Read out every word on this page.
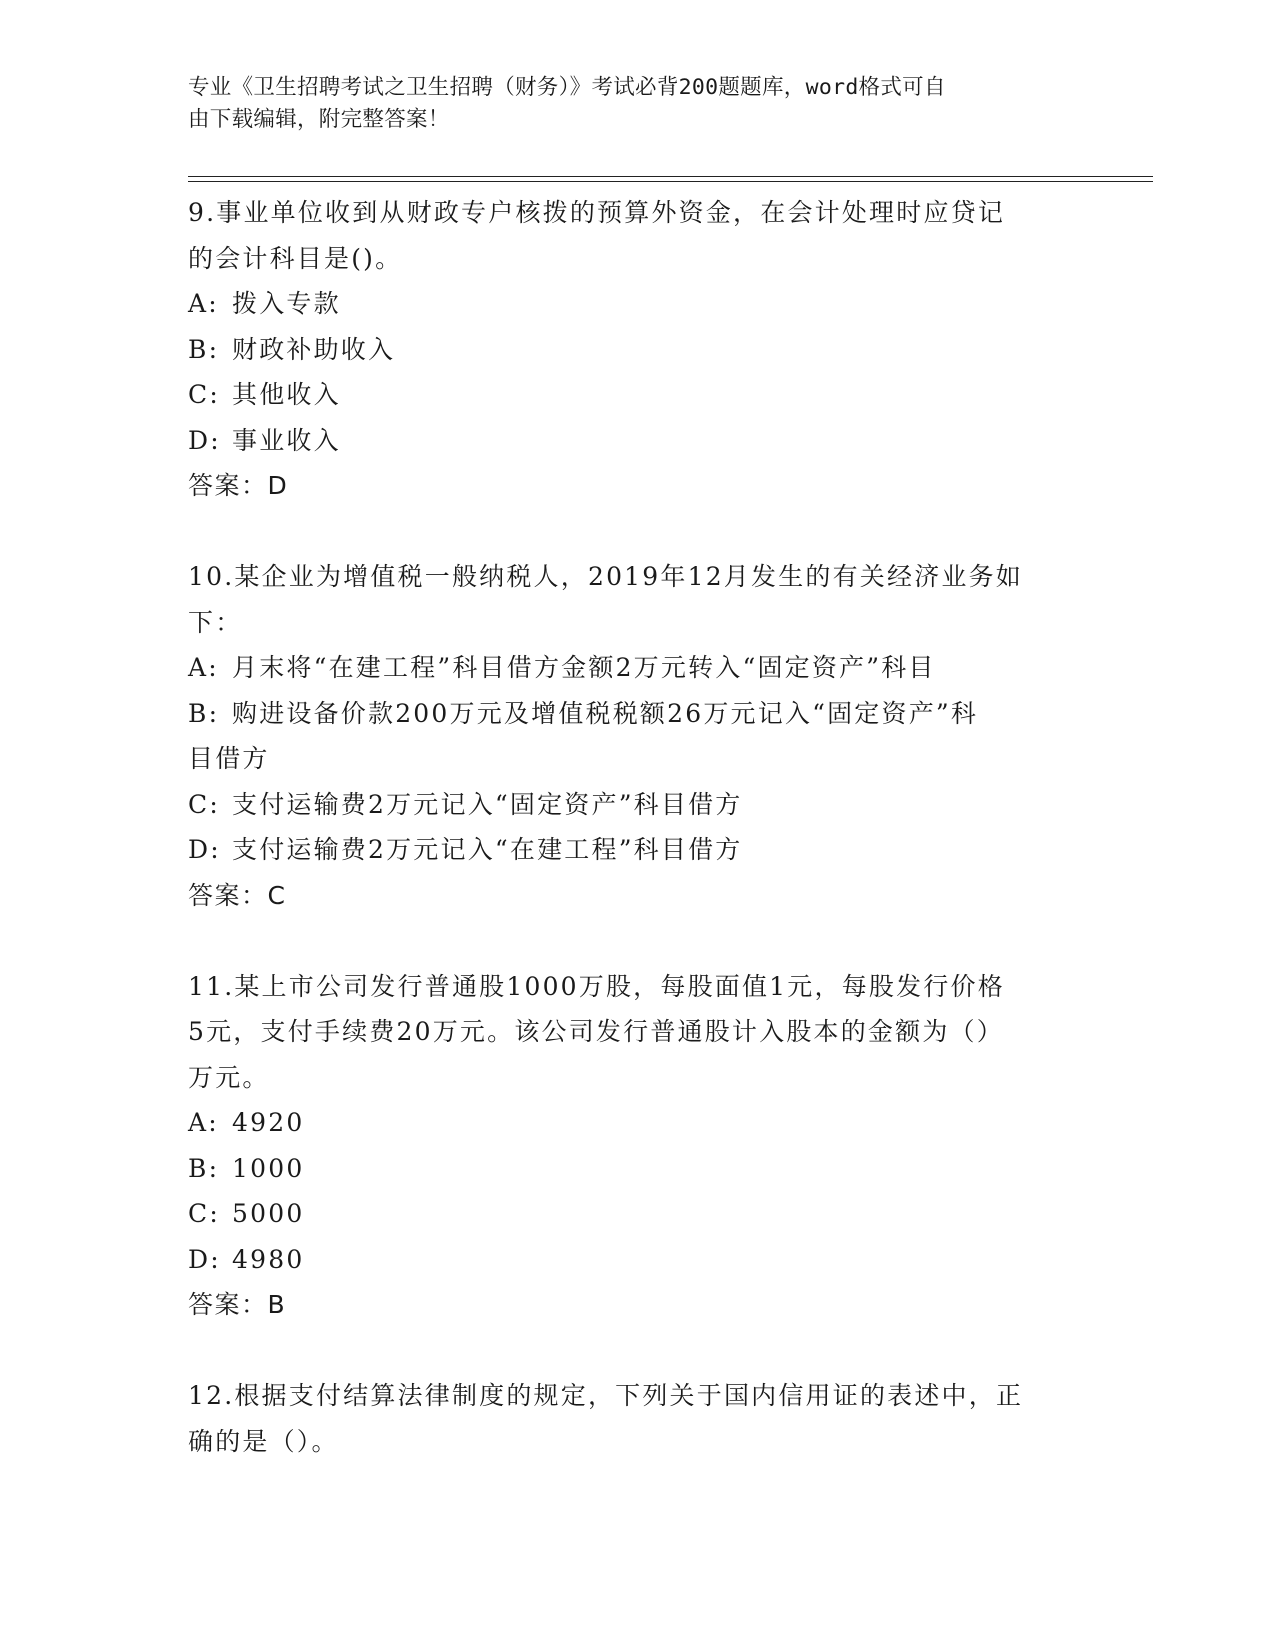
专业《卫生招聘考试之卫生招聘（财务）》考试必背200题题库，word格式可自
由下载编辑，附完整答案！
9.事业单位收到从财政专户核拨的预算外资金，在会计处理时应贷记
的会计科目是()。
A: 拨入专款
B: 财政补助收入
C: 其他收入
D: 事业收入
答案：D
10.某企业为增值税一般纳税人，2019年12月发生的有关经济业务如
下：
A: 月末将“在建工程”科目借方金额2万元转入“固定资产”科目
B: 购进设备价款200万元及增值税税额26万元记入“固定资产”科
目借方
C: 支付运输费2万元记入“固定资产”科目借方
D: 支付运输费2万元记入“在建工程”科目借方
答案：C
11.某上市公司发行普通股1000万股，每股面值1元，每股发行价格
5元，支付手续费20万元。该公司发行普通股计入股本的金额为（）
万元。
A: 4920
B: 1000
C: 5000
D: 4980
答案：B
12.根据支付结算法律制度的规定，下列关于国内信用证的表述中，正
确的是（）。
